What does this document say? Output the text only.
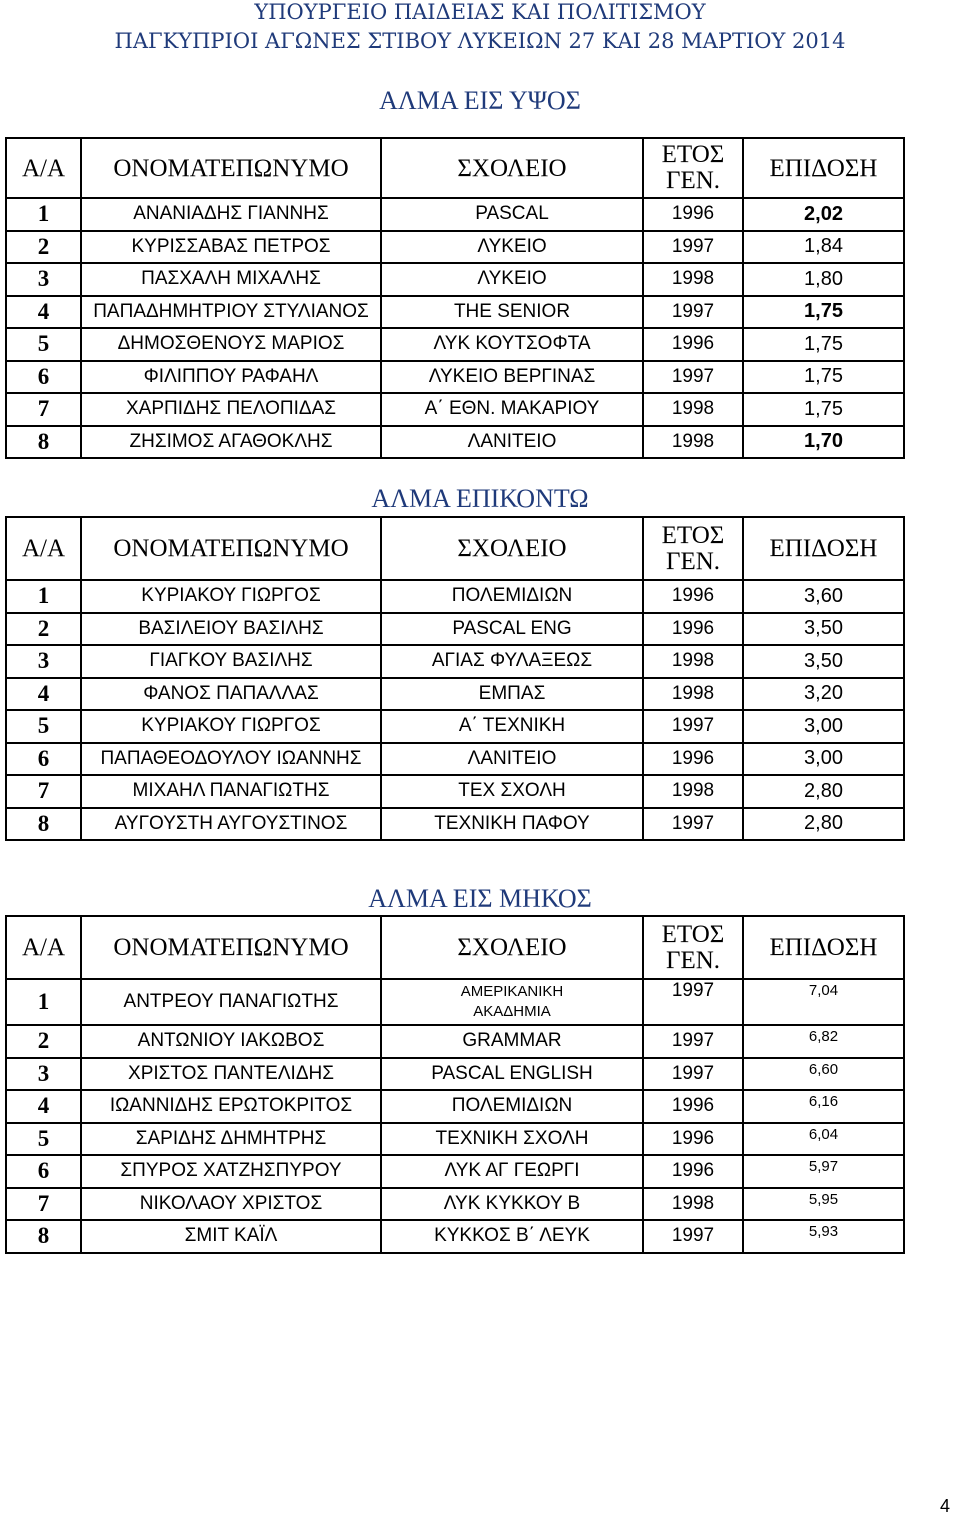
ΥΠΟΥΡΓΕΙΟ ΠΑΙΔΕΙΑΣ ΚΑΙ ΠΟΛΙΤΙΣΜΟΥ
ΠΑΓΚΥΠΡΙΟΙ ΑΓΩΝΕΣ ΣΤΙΒΟΥ ΛΥΚΕΙΩΝ 27 ΚΑΙ 28 ΜΑΡΤΙΟΥ 2014
ΑΛΜΑ ΕΙΣ ΥΨΟΣ
Α/Α	ΟΝΟΜΑΤΕΠΩΝΥΜΟ	ΣΧΟΛΕΙΟ	ΕΤΟΣ
ΓΕΝ.	ΕΠΙΔΟΣΗ
1	ΑΝΑΝΙΑΔΗΣ ΓΙΑΝΝΗΣ	PASCAL	1996	2,02
2	ΚΥΡΙΣΣΑΒΑΣ ΠΕΤΡΟΣ	ΛΥΚΕΙΟ	1997	1,84
3	ΠΑΣΧΑΛΗ ΜΙΧΑΛΗΣ	ΛΥΚΕΙΟ	1998	1,80
4	ΠΑΠΑΔΗΜΗΤΡΙΟΥ ΣΤΥΛΙΑΝΟΣ	THE SENIOR	1997	1,75
5	ΔΗΜΟΣΘΕΝΟΥΣ ΜΑΡΙΟΣ	ΛΥΚ ΚΟΥΤΣΟΦΤΑ	1996	1,75
6	ΦΙΛΙΠΠΟΥ ΡΑΦΑΗΛ	ΛΥΚΕΙΟ ΒΕΡΓΙΝΑΣ	1997	1,75
7	ΧΑΡΠΙΔΗΣ ΠΕΛΟΠΙΔΑΣ	Α΄ ΕΘΝ. ΜΑΚΑΡΙΟΥ	1998	1,75
8	ΖΗΣΙΜΟΣ ΑΓΑΘΟΚΛΗΣ	ΛΑΝΙΤΕΙΟ	1998	1,70
ΑΛΜΑ ΕΠΙΚΟΝΤΩ
Α/Α	ΟΝΟΜΑΤΕΠΩΝΥΜΟ	ΣΧΟΛΕΙΟ	ΕΤΟΣ
ΓΕΝ.	ΕΠΙΔΟΣΗ
1	ΚΥΡΙΑΚΟΥ ΓΙΩΡΓΟΣ	ΠΟΛΕΜΙΔΙΩΝ	1996	3,60
2	ΒΑΣΙΛΕΙΟΥ ΒΑΣΙΛΗΣ	PASCAL ENG	1996	3,50
3	ΓΙΑΓΚΟΥ ΒΑΣΙΛΗΣ	ΑΓΙΑΣ ΦΥΛΑΞΕΩΣ	1998	3,50
4	ΦΑΝΟΣ ΠΑΠΑΛΛΑΣ	ΕΜΠΑΣ	1998	3,20
5	ΚΥΡΙΑΚΟΥ ΓΙΩΡΓΟΣ	Α΄ ΤΕΧΝΙΚΗ	1997	3,00
6	ΠΑΠΑΘΕΟΔΟΥΛΟΥ ΙΩΑΝΝΗΣ	ΛΑΝΙΤΕΙΟ	1996	3,00
7	ΜΙΧΑΗΛ ΠΑΝΑΓΙΩΤΗΣ	ΤΕΧ ΣΧΟΛΗ	1998	2,80
8	ΑΥΓΟΥΣΤΗ ΑΥΓΟΥΣΤΙΝΟΣ	ΤΕΧΝΙΚΗ ΠΑΦΟΥ	1997	2,80
ΑΛΜΑ ΕΙΣ ΜΗΚΟΣ
Α/Α	ΟΝΟΜΑΤΕΠΩΝΥΜΟ	ΣΧΟΛΕΙΟ	ΕΤΟΣ
ΓΕΝ.	ΕΠΙΔΟΣΗ
1	ΑΝΤΡΕΟΥ ΠΑΝΑΓΙΩΤΗΣ	ΑΜΕΡΙΚΑΝΙΚΗ
ΑΚΑΔΗΜΙΑ	1997	7,04
2	ΑΝΤΩΝΙΟΥ ΙΑΚΩΒΟΣ	GRAMMAR	1997	6,82
3	ΧΡΙΣΤΟΣ ΠΑΝΤΕΛΙΔΗΣ	PASCAL ENGLISH	1997	6,60
4	ΙΩΑΝΝΙΔΗΣ ΕΡΩΤΟΚΡΙΤΟΣ	ΠΟΛΕΜΙΔΙΩΝ	1996	6,16
5	ΣΑΡΙΔΗΣ ΔΗΜΗΤΡΗΣ	ΤΕΧΝΙΚΗ ΣΧΟΛΗ	1996	6,04
6	ΣΠΥΡΟΣ ΧΑΤΖΗΣΠΥΡΟΥ	ΛΥΚ ΑΓ ΓΕΩΡΓΙ	1996	5,97
7	ΝΙΚΟΛΑΟΥ ΧΡΙΣΤΟΣ	ΛΥΚ ΚΥΚΚΟΥ Β	1998	5,95
8	ΣΜΙΤ ΚΑΪΛ	ΚΥΚΚΟΣ Β΄ ΛΕΥΚ	1997	5,93
4
